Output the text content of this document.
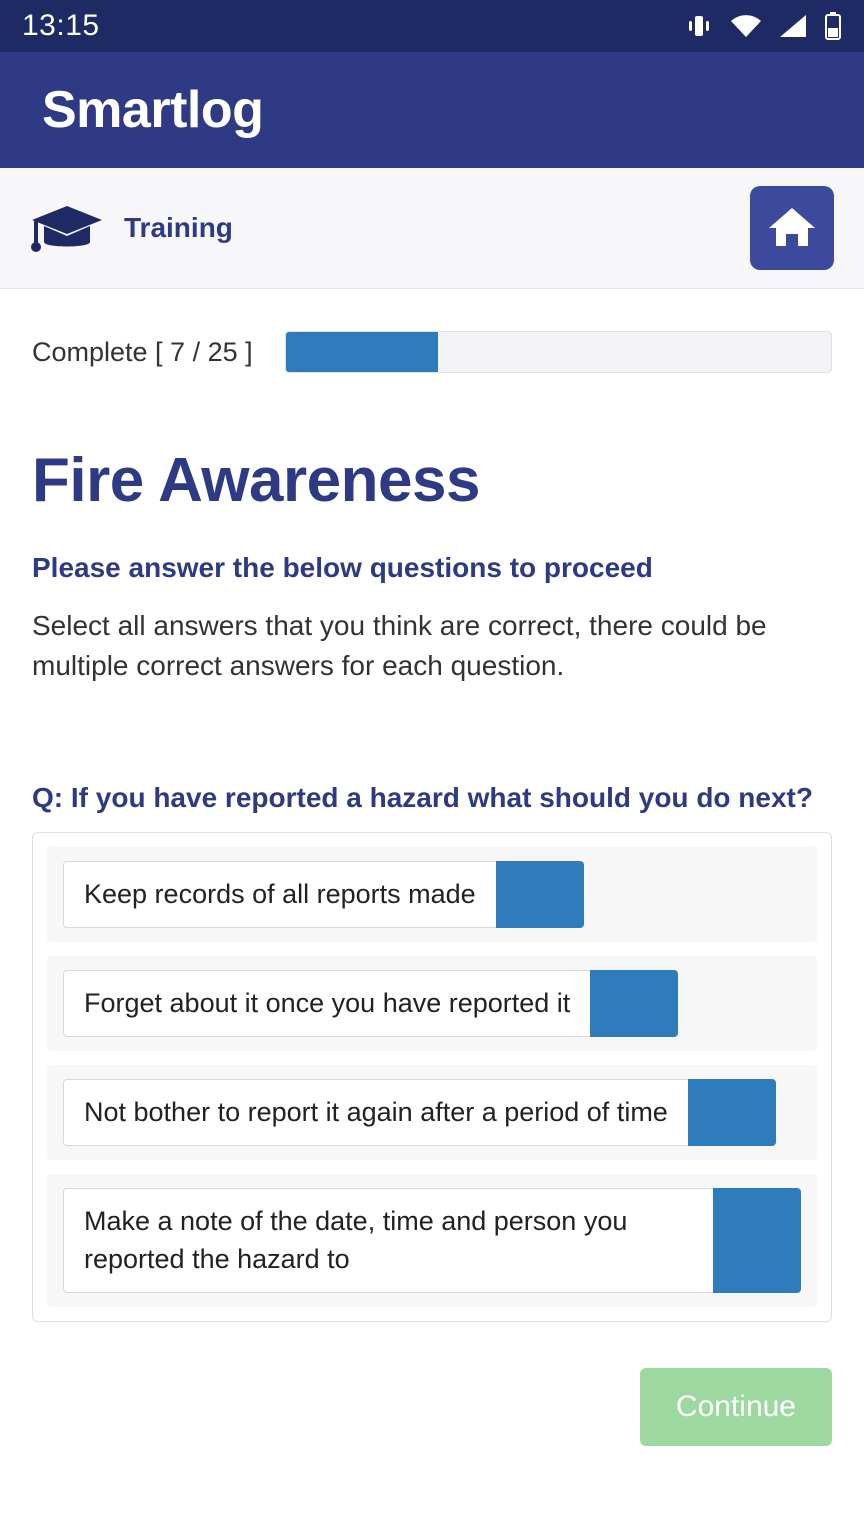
13:15
Smartlog
Training
Complete [ 7 / 25 ]
Fire Awareness

Please answer the below questions to proceed

Select all answers that you think are correct, there could be multiple correct answers for each question.

Q: If you have reported a hazard what should you do next?

Keep records of all reports made
Forget about it once you have reported it
Not bother to report it again after a period of time
Make a note of the date, time and person you reported the hazard to
Continue
